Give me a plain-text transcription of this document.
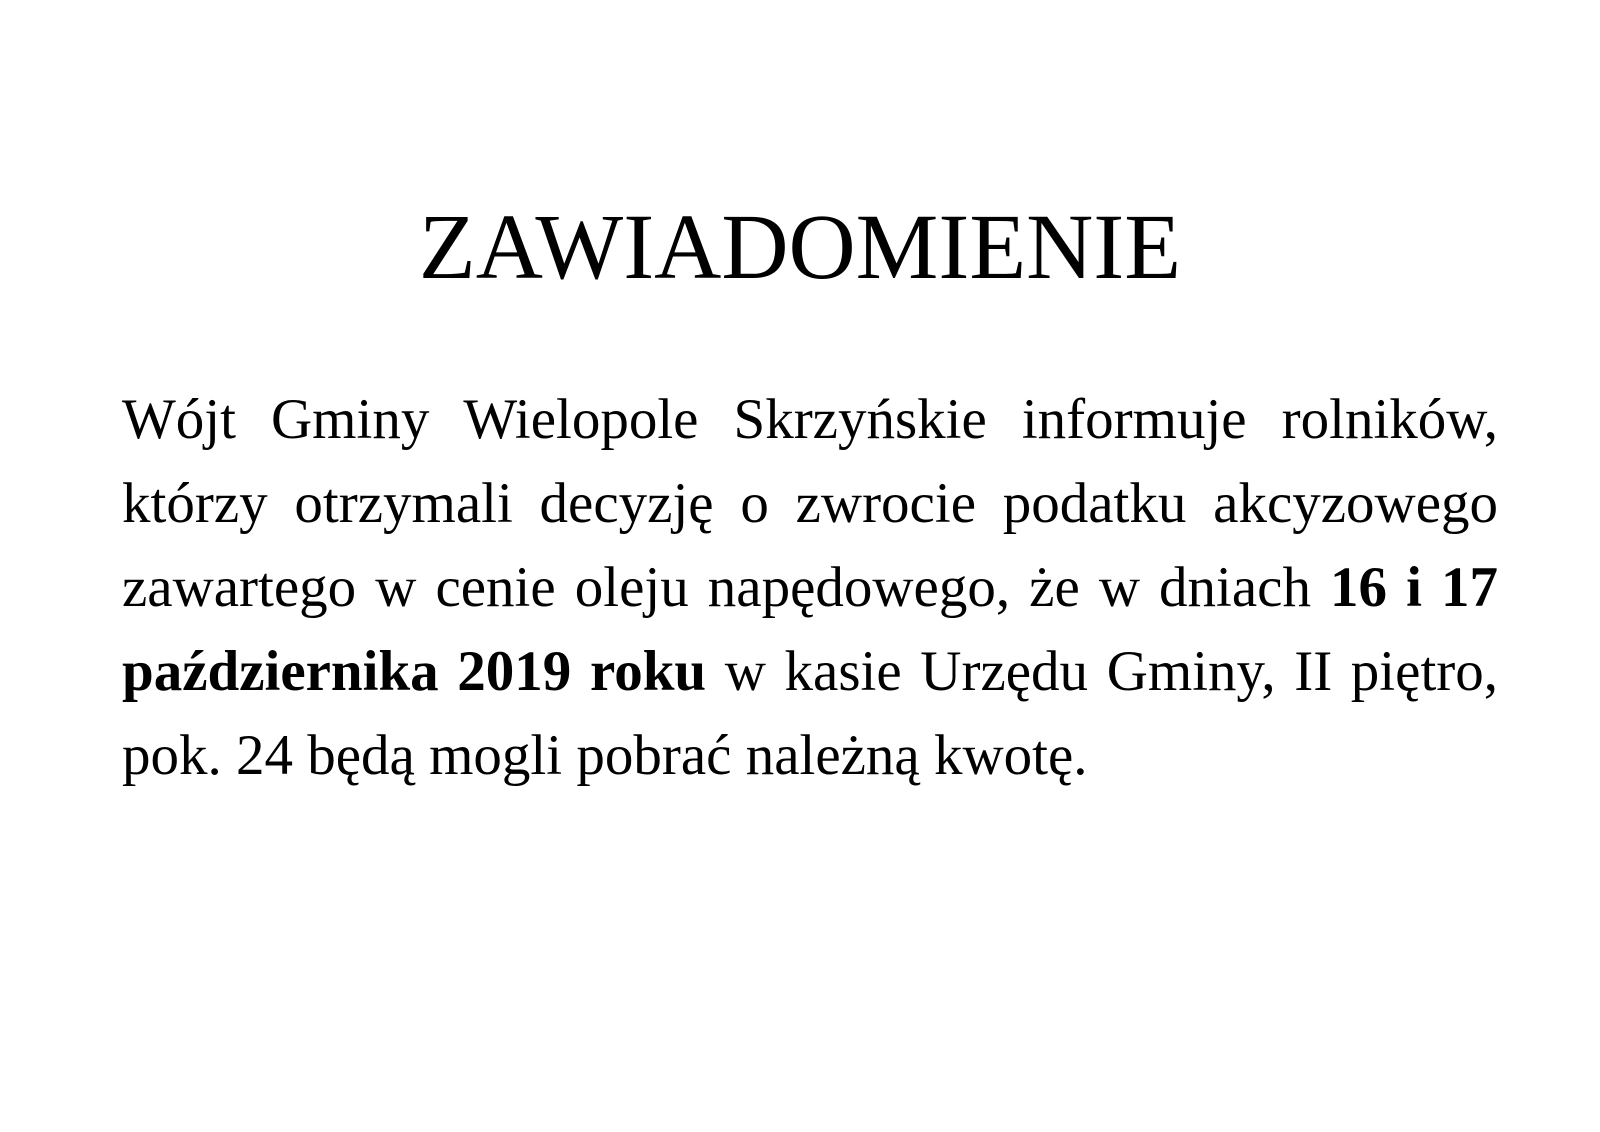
ZAWIADOMIENIE

Wójt Gminy Wielopole Skrzyńskie informuje rolników, którzy otrzymali decyzję o zwrocie podatku akcyzowego zawartego w cenie oleju napędowego, że w dniach 16 i 17 października 2019 roku w kasie Urzędu Gminy, II piętro, pok. 24 będą mogli pobrać należną kwotę.
